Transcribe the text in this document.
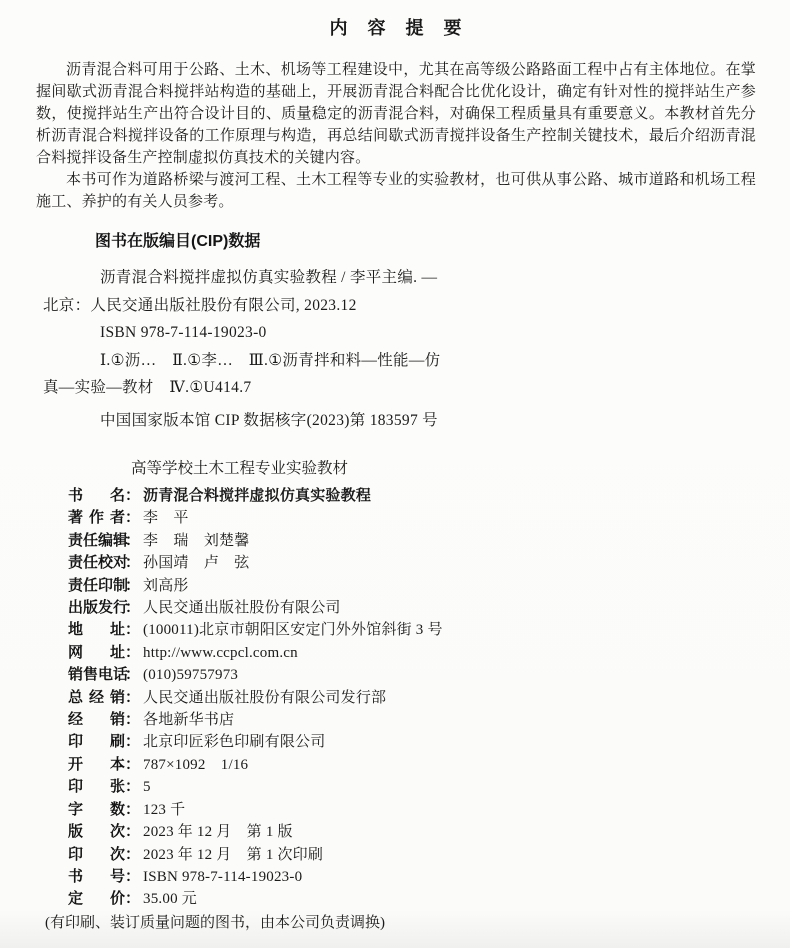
内　容　提　要

沥青混合料可用于公路、土木、机场等工程建设中，尤其在高等级公路路面工程中占有主体地位。在掌握间歇式沥青混合料搅拌站构造的基础上，开展沥青混合料配合比优化设计，确定有针对性的搅拌站生产参数，使搅拌站生产出符合设计目的、质量稳定的沥青混合料，对确保工程质量具有重要意义。本教材首先分析沥青混合料搅拌设备的工作原理与构造，再总结间歇式沥青搅拌设备生产控制关键技术，最后介绍沥青混合料搅拌设备生产控制虚拟仿真技术的关键内容。

本书可作为道路桥梁与渡河工程、土木工程等专业的实验教材，也可供从事公路、城市道路和机场工程施工、养护的有关人员参考。

图书在版编目(CIP)数据
沥青混合料搅拌虚拟仿真实验教程 / 李平主编. —
北京：人民交通出版社股份有限公司, 2023.12
ISBN 978-7-114-19023-0
Ⅰ.①沥…　Ⅱ.①李…　Ⅲ.①沥青拌和料—性能—仿
真—实验—教材　Ⅳ.①U414.7
中国国家版本馆 CIP 数据核字(2023)第 183597 号
高等学校土木工程专业实验教材
书名： 沥青混合料搅拌虚拟仿真实验教程
著作者： 李　平
责任编辑： 李　瑞　刘楚馨
责任校对： 孙国靖　卢　弦
责任印制： 刘高彤
出版发行： 人民交通出版社股份有限公司
地址： (100011)北京市朝阳区安定门外外馆斜街 3 号
网址： http://www.ccpcl.com.cn
销售电话： (010)59757973
总经销： 人民交通出版社股份有限公司发行部
经销： 各地新华书店
印刷： 北京印匠彩色印刷有限公司
开本： 787×1092　1/16
印张： 5
字数： 123 千
版次： 2023 年 12 月　第 1 版
印次： 2023 年 12 月　第 1 次印刷
书号： ISBN 978-7-114-19023-0
定价： 35.00 元
(有印刷、装订质量问题的图书，由本公司负责调换)
